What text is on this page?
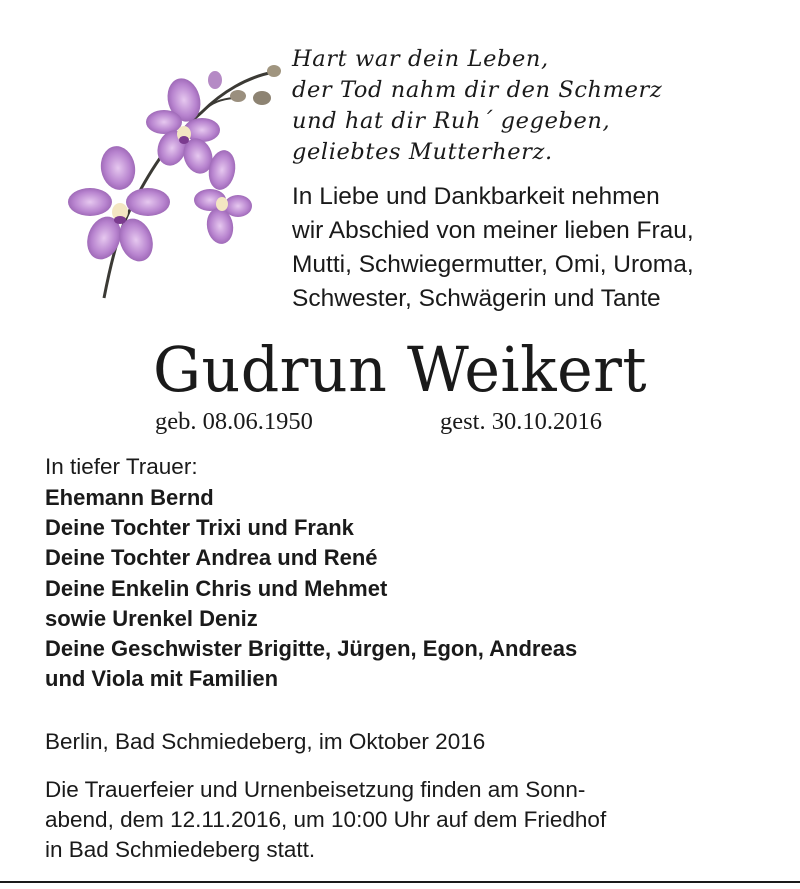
Hart war dein Leben,
der Tod nahm dir den Schmerz
und hat dir Ruh´ gegeben,
geliebtes Mutterherz.
In Liebe und Dankbarkeit nehmen
wir Abschied von meiner lieben Frau,
Mutti, Schwiegermutter, Omi, Uroma,
Schwester, Schwägerin und Tante
Gudrun Weikert
geb. 08.06.1950	gest. 30.10.2016
In tiefer Trauer:
Ehemann Bernd
Deine Tochter Trixi und Frank
Deine Tochter Andrea und René
Deine Enkelin Chris und Mehmet
sowie Urenkel Deniz
Deine Geschwister Brigitte, Jürgen, Egon, Andreas
und Viola mit Familien
Berlin, Bad Schmiedeberg, im Oktober 2016
Die Trauerfeier und Urnenbeisetzung finden am Sonn-
abend, dem 12.11.2016, um 10:00 Uhr auf dem Friedhof
in Bad Schmiedeberg statt.
